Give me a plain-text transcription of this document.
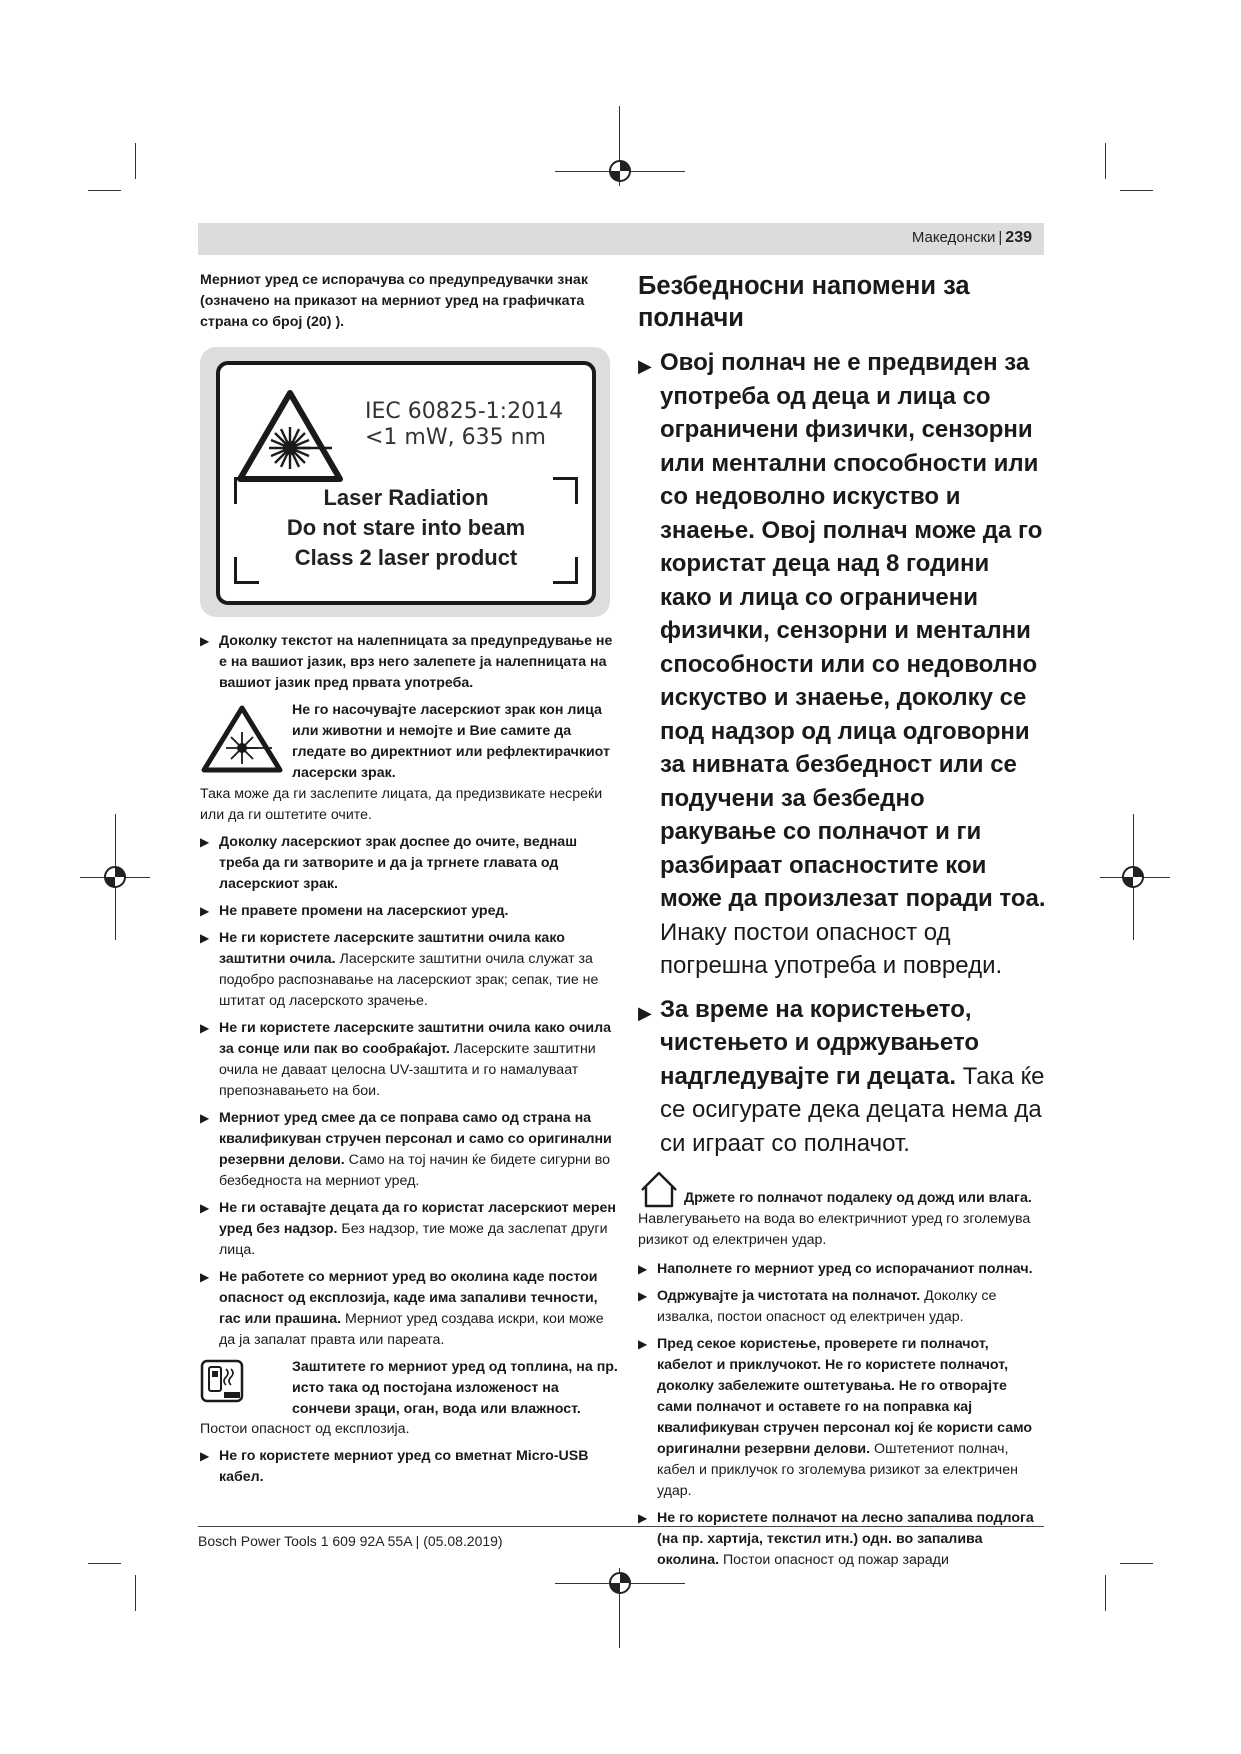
Македонски | 239

Мерниот уред се испорачува со предупредувачки знак (означено на приказот на мерниот уред на графичката страна со број (20) ).

IEC 60825-1:2014
<1 mW, 635 nm
Laser Radiation
Do not stare into beam
Class 2 laser product
▶ Доколку текстот на налепницата за предупредување не е на вашиот јазик, врз него залепете ја налепницата на вашиот јазик пред првата употреба.

Не го насочувајте ласерскиот зрак кон лица или животни и немојте и Вие самите да гледате во директниот или рефлектирачкиот ласерски зрак.

Така може да ги заслепите лицата, да предизвикате несреќи или да ги оштетите очите.

▶ Доколку ласерскиот зрак доспее до очите, веднаш треба да ги затворите и да ја тргнете главата од ласерскиот зрак.
▶ Не правете промени на ласерскиот уред.
▶ Не ги користете ласерските заштитни очила како заштитни очила. Ласерските заштитни очила служат за подобро распознавање на ласерскиот зрак; сепак, тие не штитат од ласерското зрачење.
▶ Не ги користете ласерските заштитни очила како очила за сонце или пак во сообраќајот. Ласерските заштитни очила не даваат целосна UV-заштита и го намалуваат препознавањето на бои.
▶ Мерниот уред смее да се поправа само од страна на квалификуван стручен персонал и само со оригинални резервни делови. Само на тој начин ќе бидете сигурни во безбедноста на мерниот уред.
▶ Не ги оставајте децата да го користат ласерскиот мерен уред без надзор. Без надзор, тие може да заслепат други лица.
▶ Не работете со мерниот уред во околина каде постои опасност од експлозија, каде има запаливи течности, гас или прашина. Мерниот уред создава искри, кои може да ја запалат правта или пареата.

Заштитете го мерниот уред од топлина, на пр. исто така од постојана изложеност на сончеви зраци, оган, вода или влажност.

Постои опасност од експлозија.

▶ Не го користете мерниот уред со вметнат Micro-USB кабел.

Безбедносни напомени за полначи

▶ Овој полнач не е предвиден за употреба од деца и лица со ограничени физички, сензорни или ментални способности или со недоволно искуство и знаење. Овој полнач може да го користат деца над 8 години како и лица со ограничени физички, сензорни и ментални способности или со недоволно искуство и знаење, доколку се под надзор од лица одговорни за нивната безбедност или се подучени за безбедно ракување со полначот и ги разбираат опасностите кои може да произлезат поради тоа. Инаку постои опасност од погрешна употреба и повреди.
▶ За време на користењето, чистењето и одржувањето надгледувајте ги децата. Така ќе се осигурате дека децата нема да си играат со полначот.

Држете го полначот подалеку од дожд или влага. Навлегувањето на вода во електричниот уред го зголемува ризикот од електричен удар.

▶ Наполнете го мерниот уред со испорачаниот полнач.
▶ Одржувајте ја чистотата на полначот. Доколку се извалка, постои опасност од електричен удар.
▶ Пред секое користење, проверете ги полначот, кабелот и приклучокот. Не го користете полначот, доколку забележите оштетувања. Не го отворајте сами полначот и оставете го на поправка кај квалификуван стручен персонал кој ќе користи само оригинални резервни делови. Оштетениот полнач, кабел и приклучок го зголемува ризикот за електричен удар.
▶ Не го користете полначот на лесно запалива подлога (на пр. хартија, текстил итн.) одн. во запалива околина. Постои опасност од пожар заради
Bosch Power Tools 1 609 92A 55A | (05.08.2019)
